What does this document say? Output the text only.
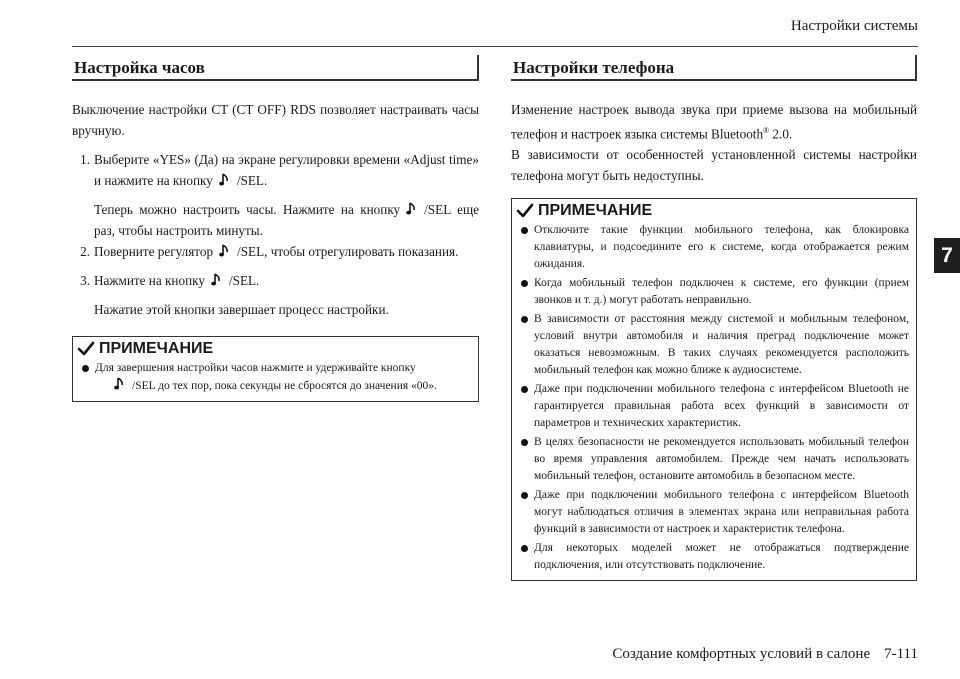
Настройки системы
7
Настройка часов
Выключение настройки CT (CT OFF) RDS позволяет настраивать часы вручную.
1. Выберите «YES» (Да) на экране регулировки времени «Adjust time» и нажмите на кнопку /SEL.
Теперь можно настроить часы. Нажмите на кнопку /SEL еще раз, чтобы настроить минуты.
2. Поверните регулятор /SEL, чтобы отрегулировать показания.
3. Нажмите на кнопку /SEL.
Нажатие этой кнопки завершает процесс настройки.
ПРИМЕЧАНИЕ
Для завершения настройки часов нажмите и удерживайте кнопку
/SEL до тех пор, пока секунды не сбросятся до значения «00».
Настройки телефона
Изменение настроек вывода звука при приеме вызова на мобильный телефон и настроек языка системы Bluetooth® 2.0.
В зависимости от особенностей установленной системы настройки телефона могут быть недоступны.
ПРИМЕЧАНИЕ
Отключите такие функции мобильного телефона, как блокировка клавиатуры, и подсоедините его к системе, когда отображается режим ожидания.
Когда мобильный телефон подключен к системе, его функции (прием звонков и т. д.) могут работать неправильно.
В зависимости от расстояния между системой и мобильным телефоном, условий внутри автомобиля и наличия преград подключение может оказаться невозможным. В таких случаях рекомендуется расположить мобильный телефон как можно ближе к аудиосистеме.
Даже при подключении мобильного телефона с интерфейсом Bluetooth не гарантируется правильная работа всех функций в зависимости от параметров и технических характеристик.
В целях безопасности не рекомендуется использовать мобильный телефон во время управления автомобилем. Прежде чем начать использовать мобильный телефон, остановите автомобиль в безопасном месте.
Даже при подключении мобильного телефона с интерфейсом Bluetooth могут наблюдаться отличия в элементах экрана или неправильная работа функций в зависимости от настроек и характеристик телефона.
Для некоторых моделей может не отображаться подтверждение подключения, или отсутствовать подключение.
Создание комфортных условий в салоне 7-111
